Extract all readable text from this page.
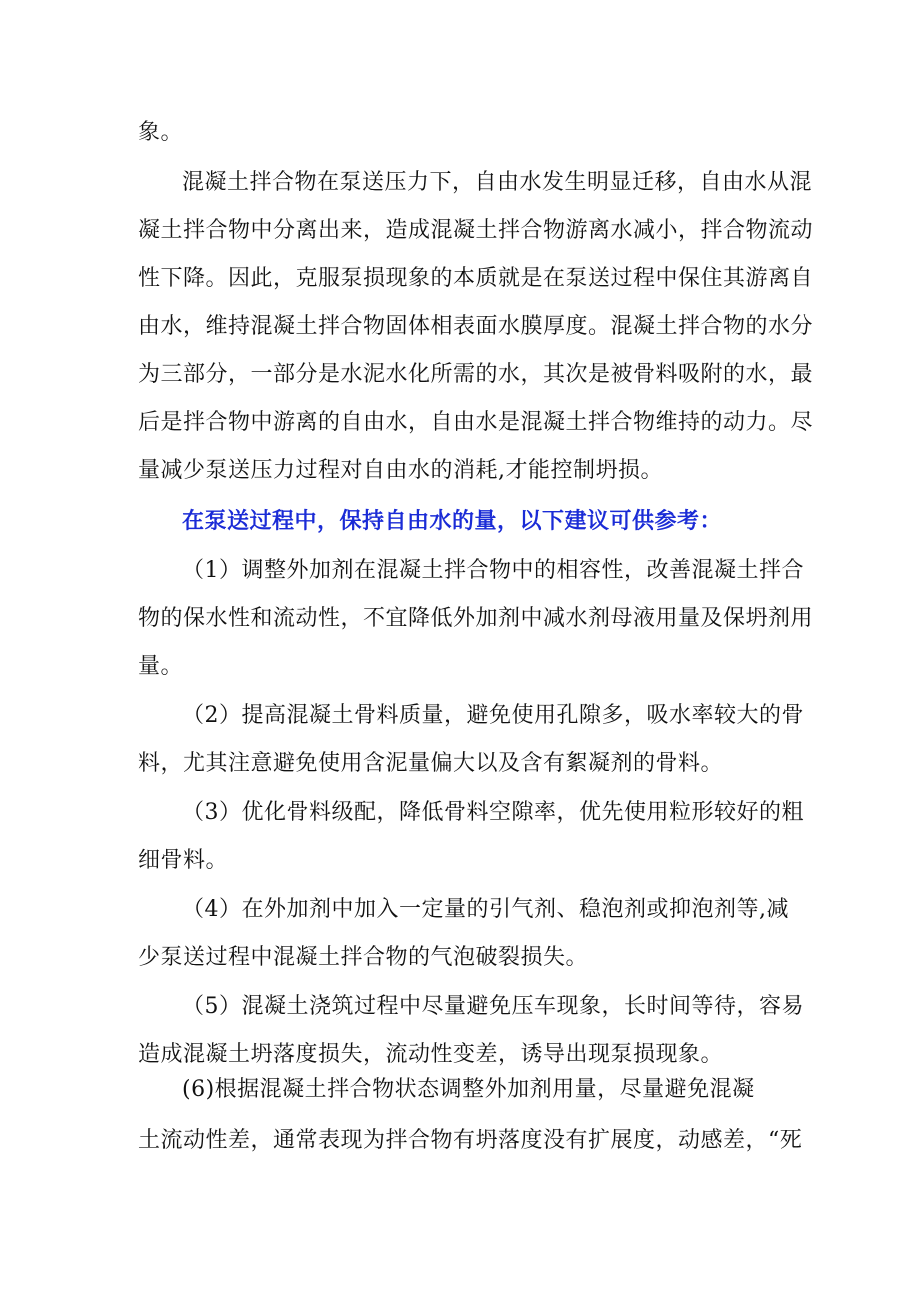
象。
混凝土拌合物在泵送压力下，自由水发生明显迁移，自由水从混
凝土拌合物中分离出来，造成混凝土拌合物游离水减小，拌合物流动
性下降。因此，克服泵损现象的本质就是在泵送过程中保住其游离自
由水，维持混凝土拌合物固体相表面水膜厚度。混凝土拌合物的水分
为三部分，一部分是水泥水化所需的水，其次是被骨料吸附的水，最
后是拌合物中游离的自由水，自由水是混凝土拌合物维持的动力。尽
量减少泵送压力过程对自由水的消耗,才能控制坍损。
在泵送过程中，保持自由水的量，以下建议可供参考：
（1）调整外加剂在混凝土拌合物中的相容性，改善混凝土拌合
物的保水性和流动性，不宜降低外加剂中减水剂母液用量及保坍剂用
量。
（2）提高混凝土骨料质量，避免使用孔隙多，吸水率较大的骨
料，尤其注意避免使用含泥量偏大以及含有絮凝剂的骨料。
（3）优化骨料级配，降低骨料空隙率，优先使用粒形较好的粗
细骨料。
（4）在外加剂中加入一定量的引气剂、稳泡剂或抑泡剂等,减
少泵送过程中混凝土拌合物的气泡破裂损失。
（5）混凝土浇筑过程中尽量避免压车现象，长时间等待，容易
造成混凝土坍落度损失，流动性变差，诱导出现泵损现象。
(6)根据混凝土拌合物状态调整外加剂用量，尽量避免混凝
土流动性差，通常表现为拌合物有坍落度没有扩展度，动感差，“死
